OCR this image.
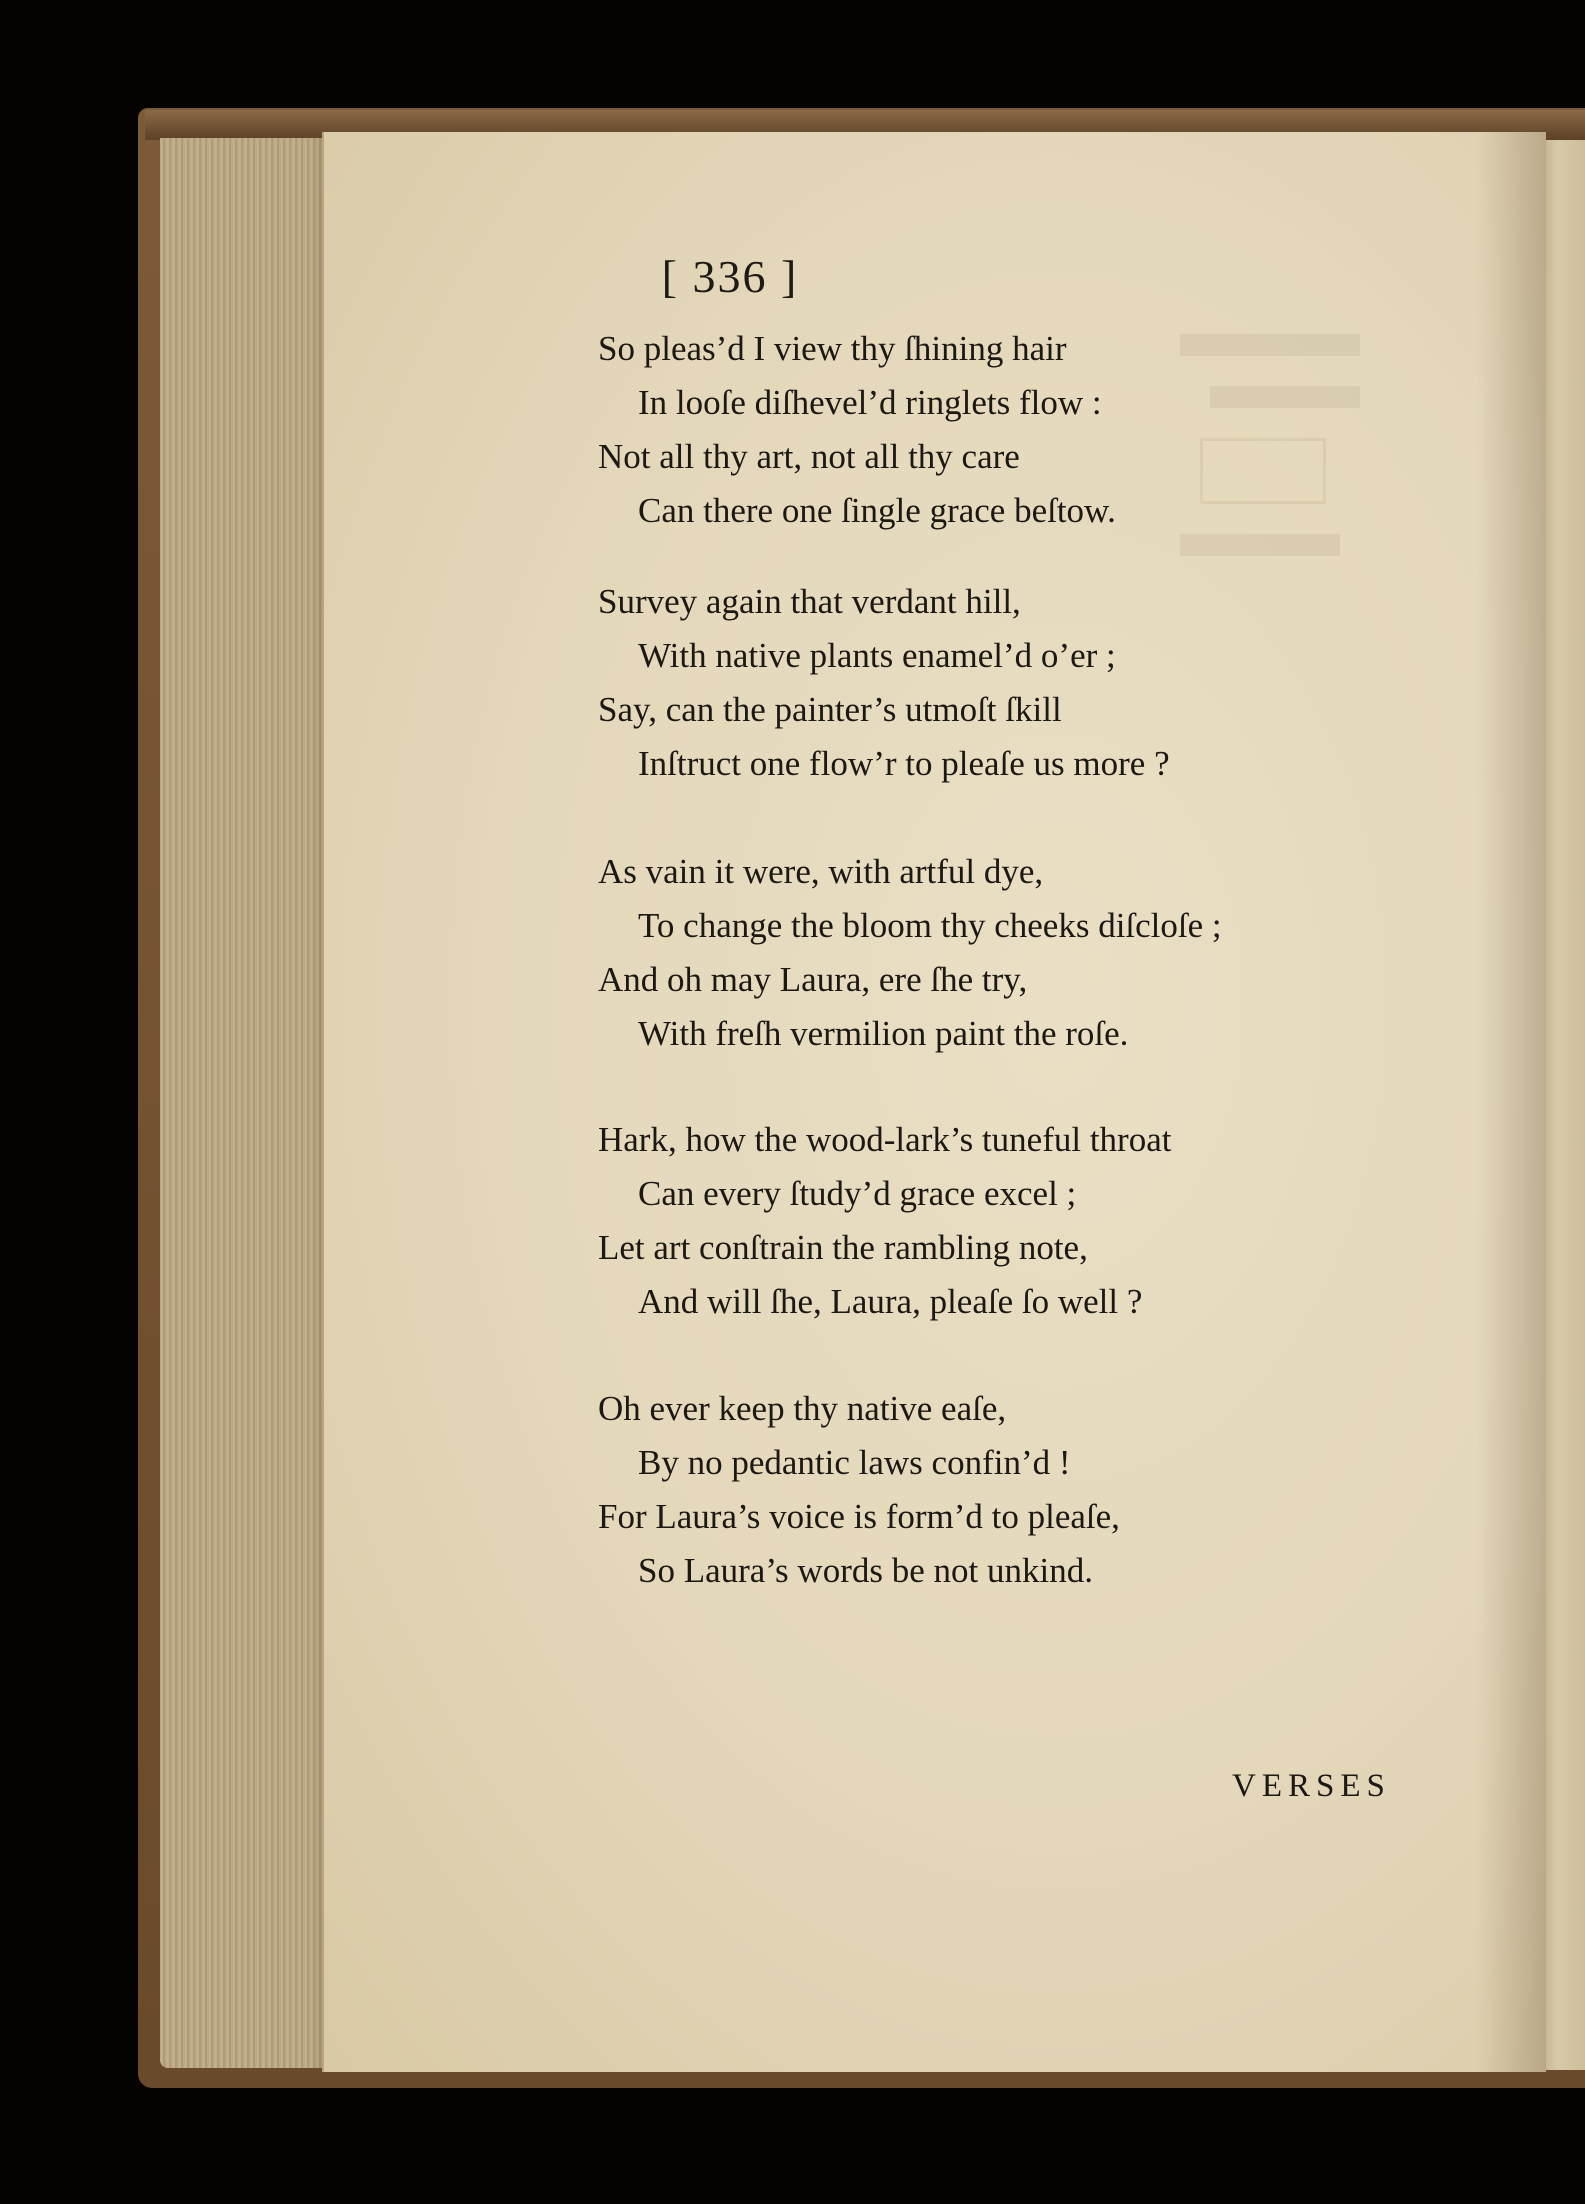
[ 336 ]
So pleas’d I view thy ſhining hair
In looſe diſhevel’d ringlets flow :
Not all thy art, not all thy care
Can there one ſingle grace beſtow.
Survey again that verdant hill,
With native plants enamel’d o’er ;
Say, can the painter’s utmoſt ſkill
Inſtruct one flow’r to pleaſe us more ?
As vain it were, with artful dye,
To change the bloom thy cheeks diſcloſe ;
And oh may Laura, ere ſhe try,
With freſh vermilion paint the roſe.
Hark, how the wood-lark’s tuneful throat
Can every ſtudy’d grace excel ;
Let art conſtrain the rambling note,
And will ſhe, Laura, pleaſe ſo well ?
Oh ever keep thy native eaſe,
By no pedantic laws confin’d !
For Laura’s voice is form’d to pleaſe,
So Laura’s words be not unkind.
VERSES
